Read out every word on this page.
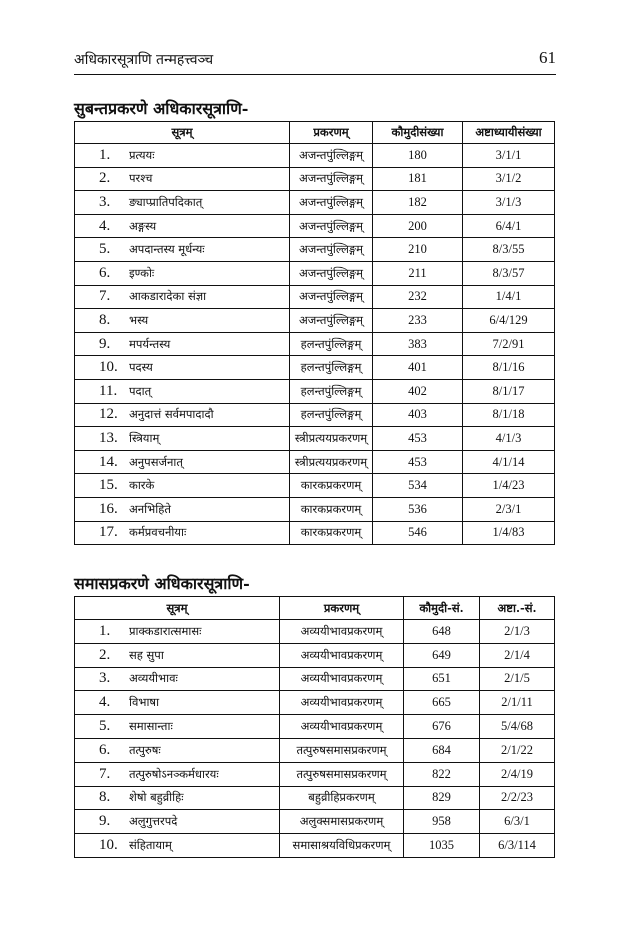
अधिकारसूत्राणि तन्महत्त्वञ्च	61
सुबन्तप्रकरणे अधिकारसूत्राणि-
सूत्रम्	प्रकरणम्	कौमुदीसंख्या	अष्टाध्यायीसंख्या
1. प्रत्ययः	अजन्तपुंल्लिङ्गम्	180	3/1/1
2. परश्च	अजन्तपुंल्लिङ्गम्	181	3/1/2
3. ङ्याप्प्रातिपदिकात्	अजन्तपुंल्लिङ्गम्	182	3/1/3
4. अङ्गस्य	अजन्तपुंल्लिङ्गम्	200	6/4/1
5. अपदान्तस्य मूर्धन्यः	अजन्तपुंल्लिङ्गम्	210	8/3/55
6. इण्कोः	अजन्तपुंल्लिङ्गम्	211	8/3/57
7. आकडारादेका संज्ञा	अजन्तपुंल्लिङ्गम्	232	1/4/1
8. भस्य	अजन्तपुंल्लिङ्गम्	233	6/4/129
9. मपर्यन्तस्य	हलन्तपुंल्लिङ्गम्	383	7/2/91
10. पदस्य	हलन्तपुंल्लिङ्गम्	401	8/1/16
11. पदात्	हलन्तपुंल्लिङ्गम्	402	8/1/17
12. अनुदात्तं सर्वमपादादौ	हलन्तपुंल्लिङ्गम्	403	8/1/18
13. स्त्रियाम्	स्त्रीप्रत्ययप्रकरणम्	453	4/1/3
14. अनुपसर्जनात्	स्त्रीप्रत्ययप्रकरणम्	453	4/1/14
15. कारके	कारकप्रकरणम्	534	1/4/23
16. अनभिहिते	कारकप्रकरणम्	536	2/3/1
17. कर्मप्रवचनीयाः	कारकप्रकरणम्	546	1/4/83
समासप्रकरणे अधिकारसूत्राणि-
सूत्रम्	प्रकरणम्	कौमुदी-सं.	अष्टा.-सं.
1. प्राक्कडारात्समासः	अव्ययीभावप्रकरणम्	648	2/1/3
2. सह सुपा	अव्ययीभावप्रकरणम्	649	2/1/4
3. अव्ययीभावः	अव्ययीभावप्रकरणम्	651	2/1/5
4. विभाषा	अव्ययीभावप्रकरणम्	665	2/1/11
5. समासान्ताः	अव्ययीभावप्रकरणम्	676	5/4/68
6. तत्पुरुषः	तत्पुरुषसमासप्रकरणम्	684	2/1/22
7. तत्पुरुषोऽनञ्कर्मधारयः	तत्पुरुषसमासप्रकरणम्	822	2/4/19
8. शेषो बहुव्रीहिः	बहुव्रीहिप्रकरणम्	829	2/2/23
9. अलुगुत्तरपदे	अलुक्समासप्रकरणम्	958	6/3/1
10. संहितायाम्	समासाश्रयविधिप्रकरणम्	1035	6/3/114
